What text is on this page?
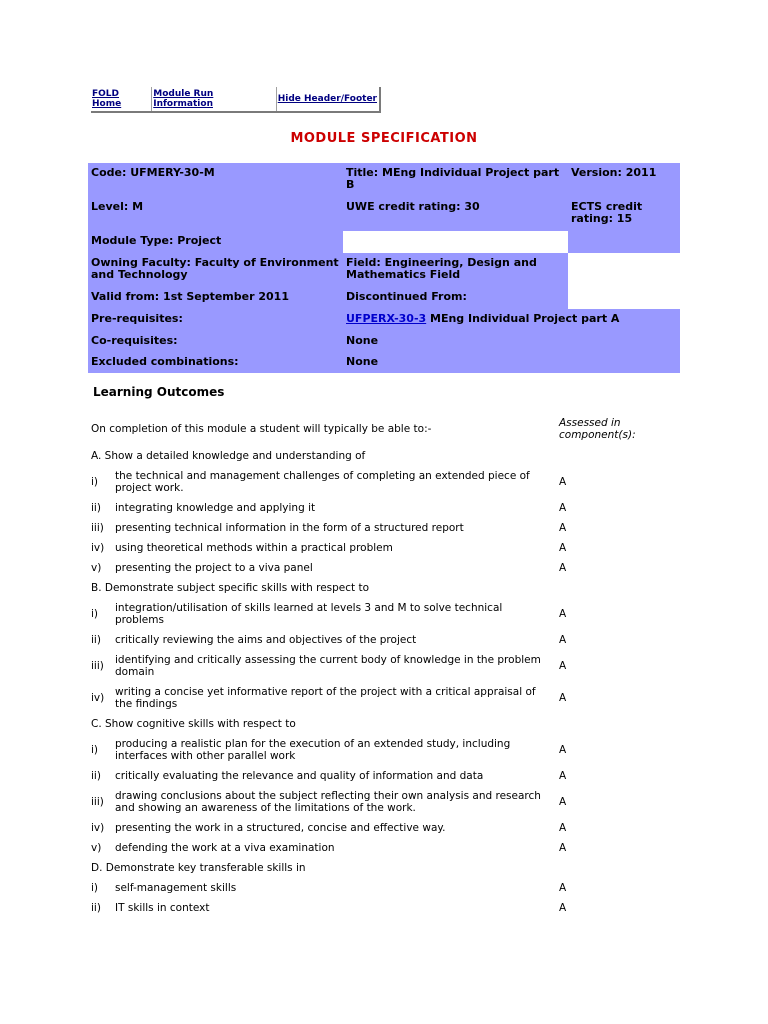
FOLD Home	Module Run Information	Hide Header/Footer
MODULE SPECIFICATION
Code: UFMERY-30-M	Title: MEng Individual Project part B	Version: 2011
Level: M	UWE credit rating: 30	ECTS credit rating: 15
Module Type: Project		
Owning Faculty: Faculty of Environment and Technology	Field: Engineering, Design and Mathematics Field	
Valid from: 1st September 2011	Discontinued From:	
Pre-requisites:	UFPERX-30-3 MEng Individual Project part A	
Co-requisites:	None	
Excluded combinations:	None	
Learning Outcomes
On completion of this module a student will typically be able to:-		Assessed in component(s):
A. Show a detailed knowledge and understanding of		
i)	the technical and management challenges of completing an extended piece of project work.	A
ii)	integrating knowledge and applying it	A
iii)	presenting technical information in the form of a structured report	A
iv)	using theoretical methods within a practical problem	A
v)	presenting the project to a viva panel	A
B. Demonstrate subject specific skills with respect to		
i)	integration/utilisation of skills learned at levels 3 and M to solve technical problems	A
ii)	critically reviewing the aims and objectives of the project	A
iii)	identifying and critically assessing the current body of knowledge in the problem domain	A
iv)	writing a concise yet informative report of the project with a critical appraisal of the findings	A
C. Show cognitive skills with respect to		
i)	producing a realistic plan for the execution of an extended study, including interfaces with other parallel work	A
ii)	critically evaluating the relevance and quality of information and data	A
iii)	drawing conclusions about the subject reflecting their own analysis and research and showing an awareness of the limitations of the work.	A
iv)	presenting the work in a structured, concise and effective way.	A
v)	defending the work at a viva examination	A
D. Demonstrate key transferable skills in		
i)	self-management skills	A
ii)	IT skills in context	A
